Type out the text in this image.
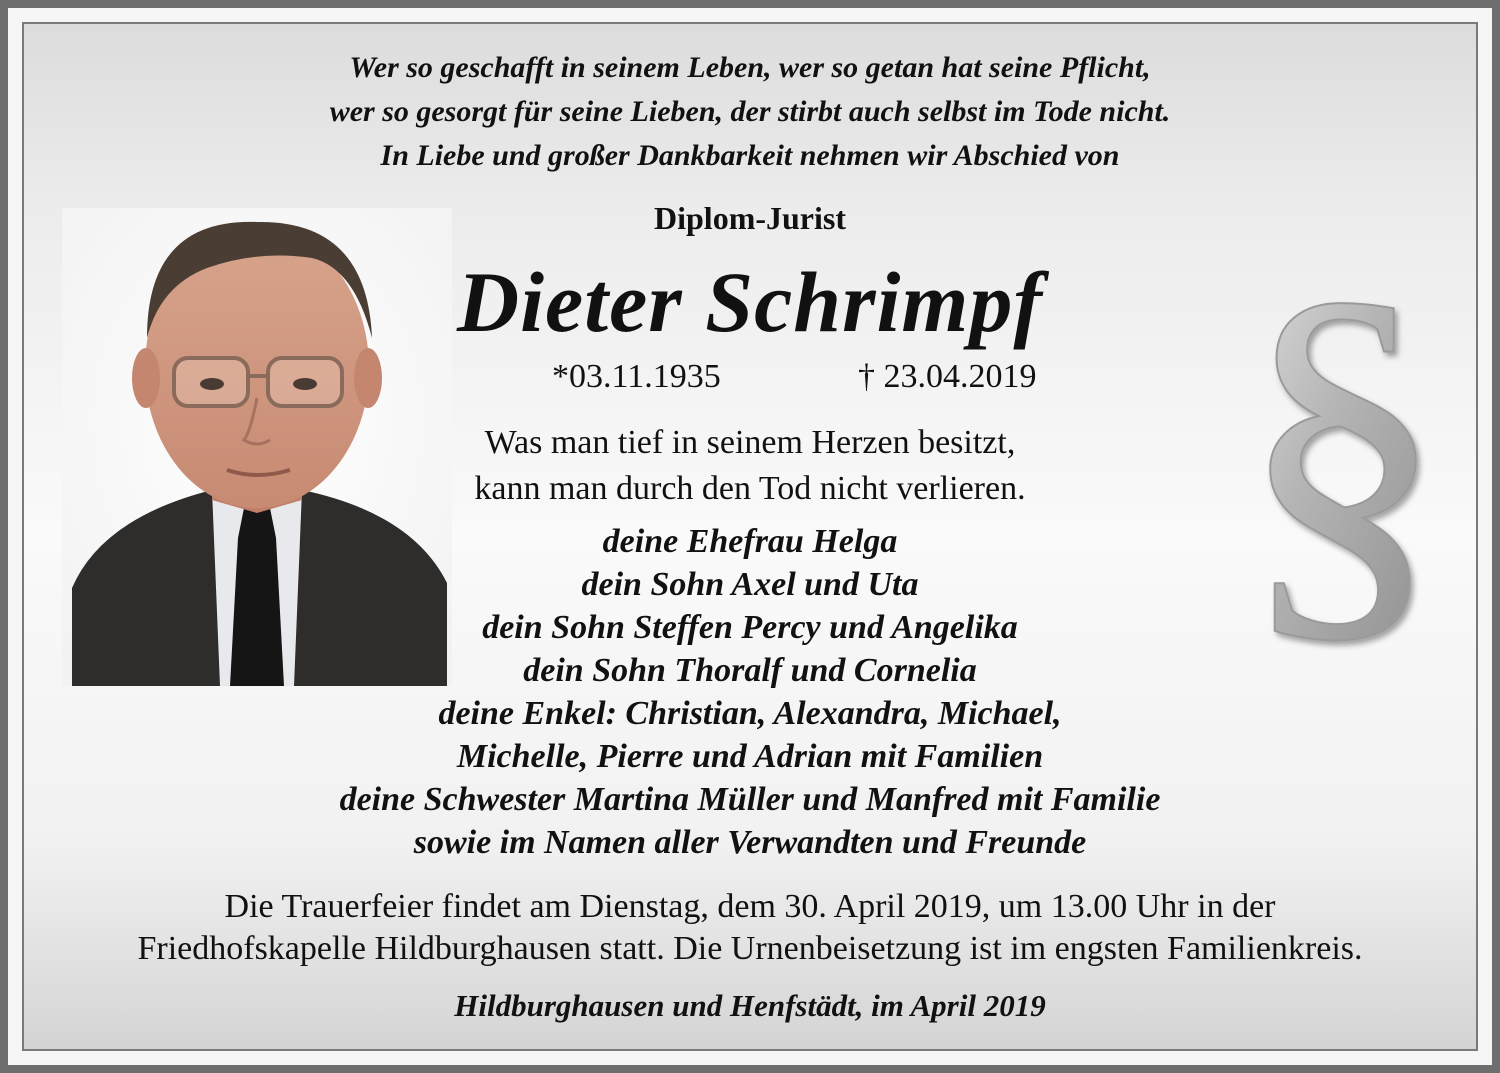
Wer so geschafft in seinem Leben, wer so getan hat seine Pflicht,
wer so gesorgt für seine Lieben, der stirbt auch selbst im Tode nicht.
In Liebe und großer Dankbarkeit nehmen wir Abschied von
Diplom-Jurist
Dieter Schrimpf
*03.11.1935	† 23.04.2019
Was man tief in seinem Herzen besitzt,
kann man durch den Tod nicht verlieren.
deine Ehefrau Helga
dein Sohn Axel und Uta
dein Sohn Steffen Percy und Angelika
dein Sohn Thoralf und Cornelia
deine Enkel: Christian, Alexandra, Michael,
Michelle, Pierre und Adrian mit Familien
deine Schwester Martina Müller und Manfred mit Familie
sowie im Namen aller Verwandten und Freunde
Die Trauerfeier findet am Dienstag, dem 30. April 2019, um 13.00 Uhr in der
Friedhofskapelle Hildburghausen statt. Die Urnenbeisetzung ist im engsten Familienkreis.
Hildburghausen und Henfstädt, im April 2019
§
